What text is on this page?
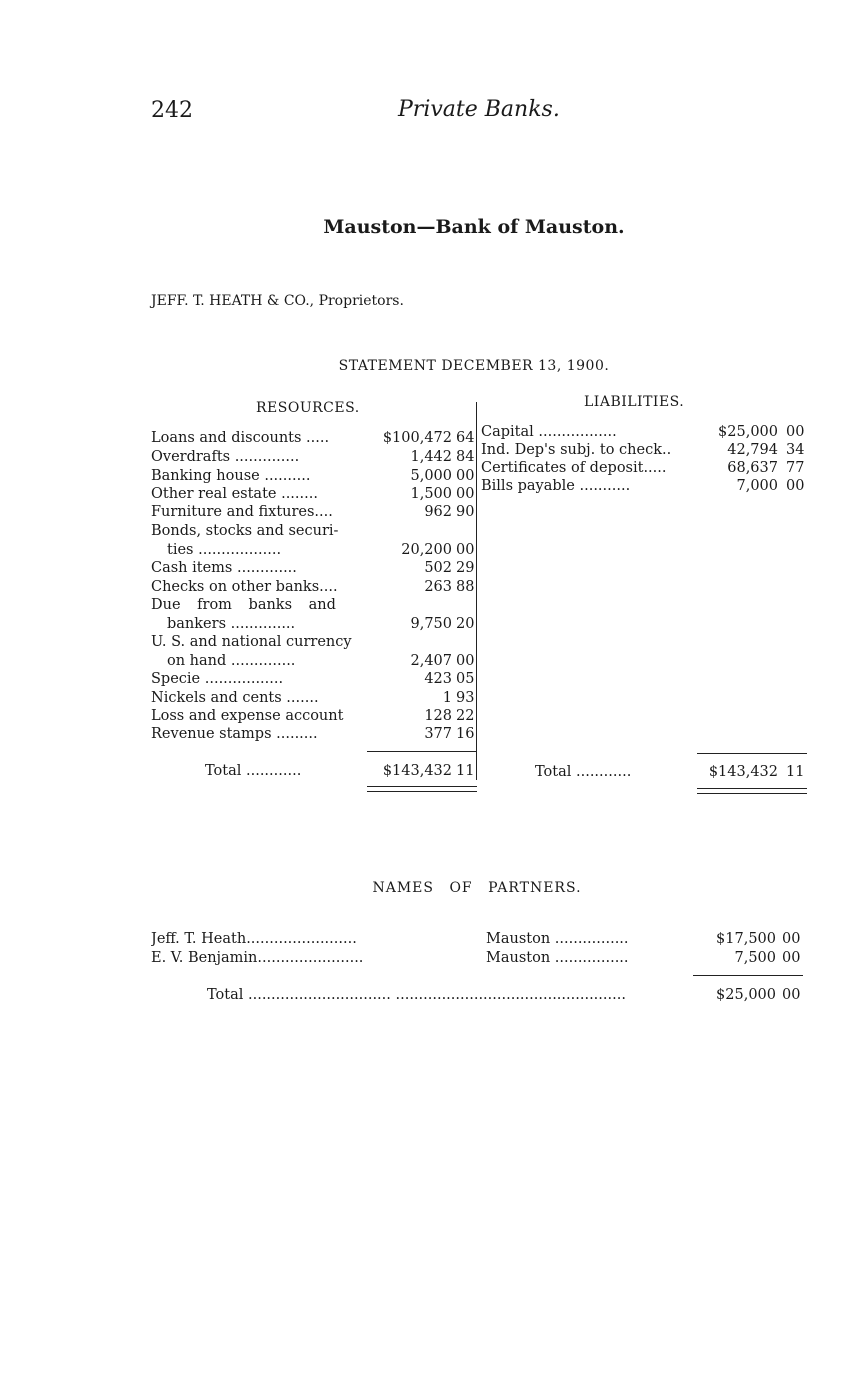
242	Private Banks.
Mauston—Bank of Mauston.
JEFF. T. HEATH & CO., Proprietors.
STATEMENT DECEMBER 13, 1900.
RESOURCES.	LIABILITIES.
Loans and discounts .....	$100,472 64
Overdrafts ..............	1,442 84
Banking house ..........	5,000 00
Other real estate ........	1,500 00
Furniture and fixtures....	962 90
Bonds, stocks and securi-
ties ..................	20,200 00
Cash items .............	502 29
Checks on other banks....	263 88
Due from banks and
bankers ..............	9,750 20
U. S. and national currency
on hand ..............	2,407 00
Specie .................	423 05
Nickels and cents .......	1 93
Loss and expense account	128 22
Revenue stamps .........	377 16
Total ............	$143,432 11
Capital .................	$25,000 00
Ind. Dep's subj. to check..	42,794 34
Certificates of deposit.....	68,637 77
Bills payable ...........	7,000 00
Total ............	$143,432 11
NAMES OF PARTNERS.
Jeff. T. Heath........................	Mauston ................	$17,500 00
E. V. Benjamin.......................	Mauston ................	7,500 00
Total ............................... ..................................................	$25,000 00
